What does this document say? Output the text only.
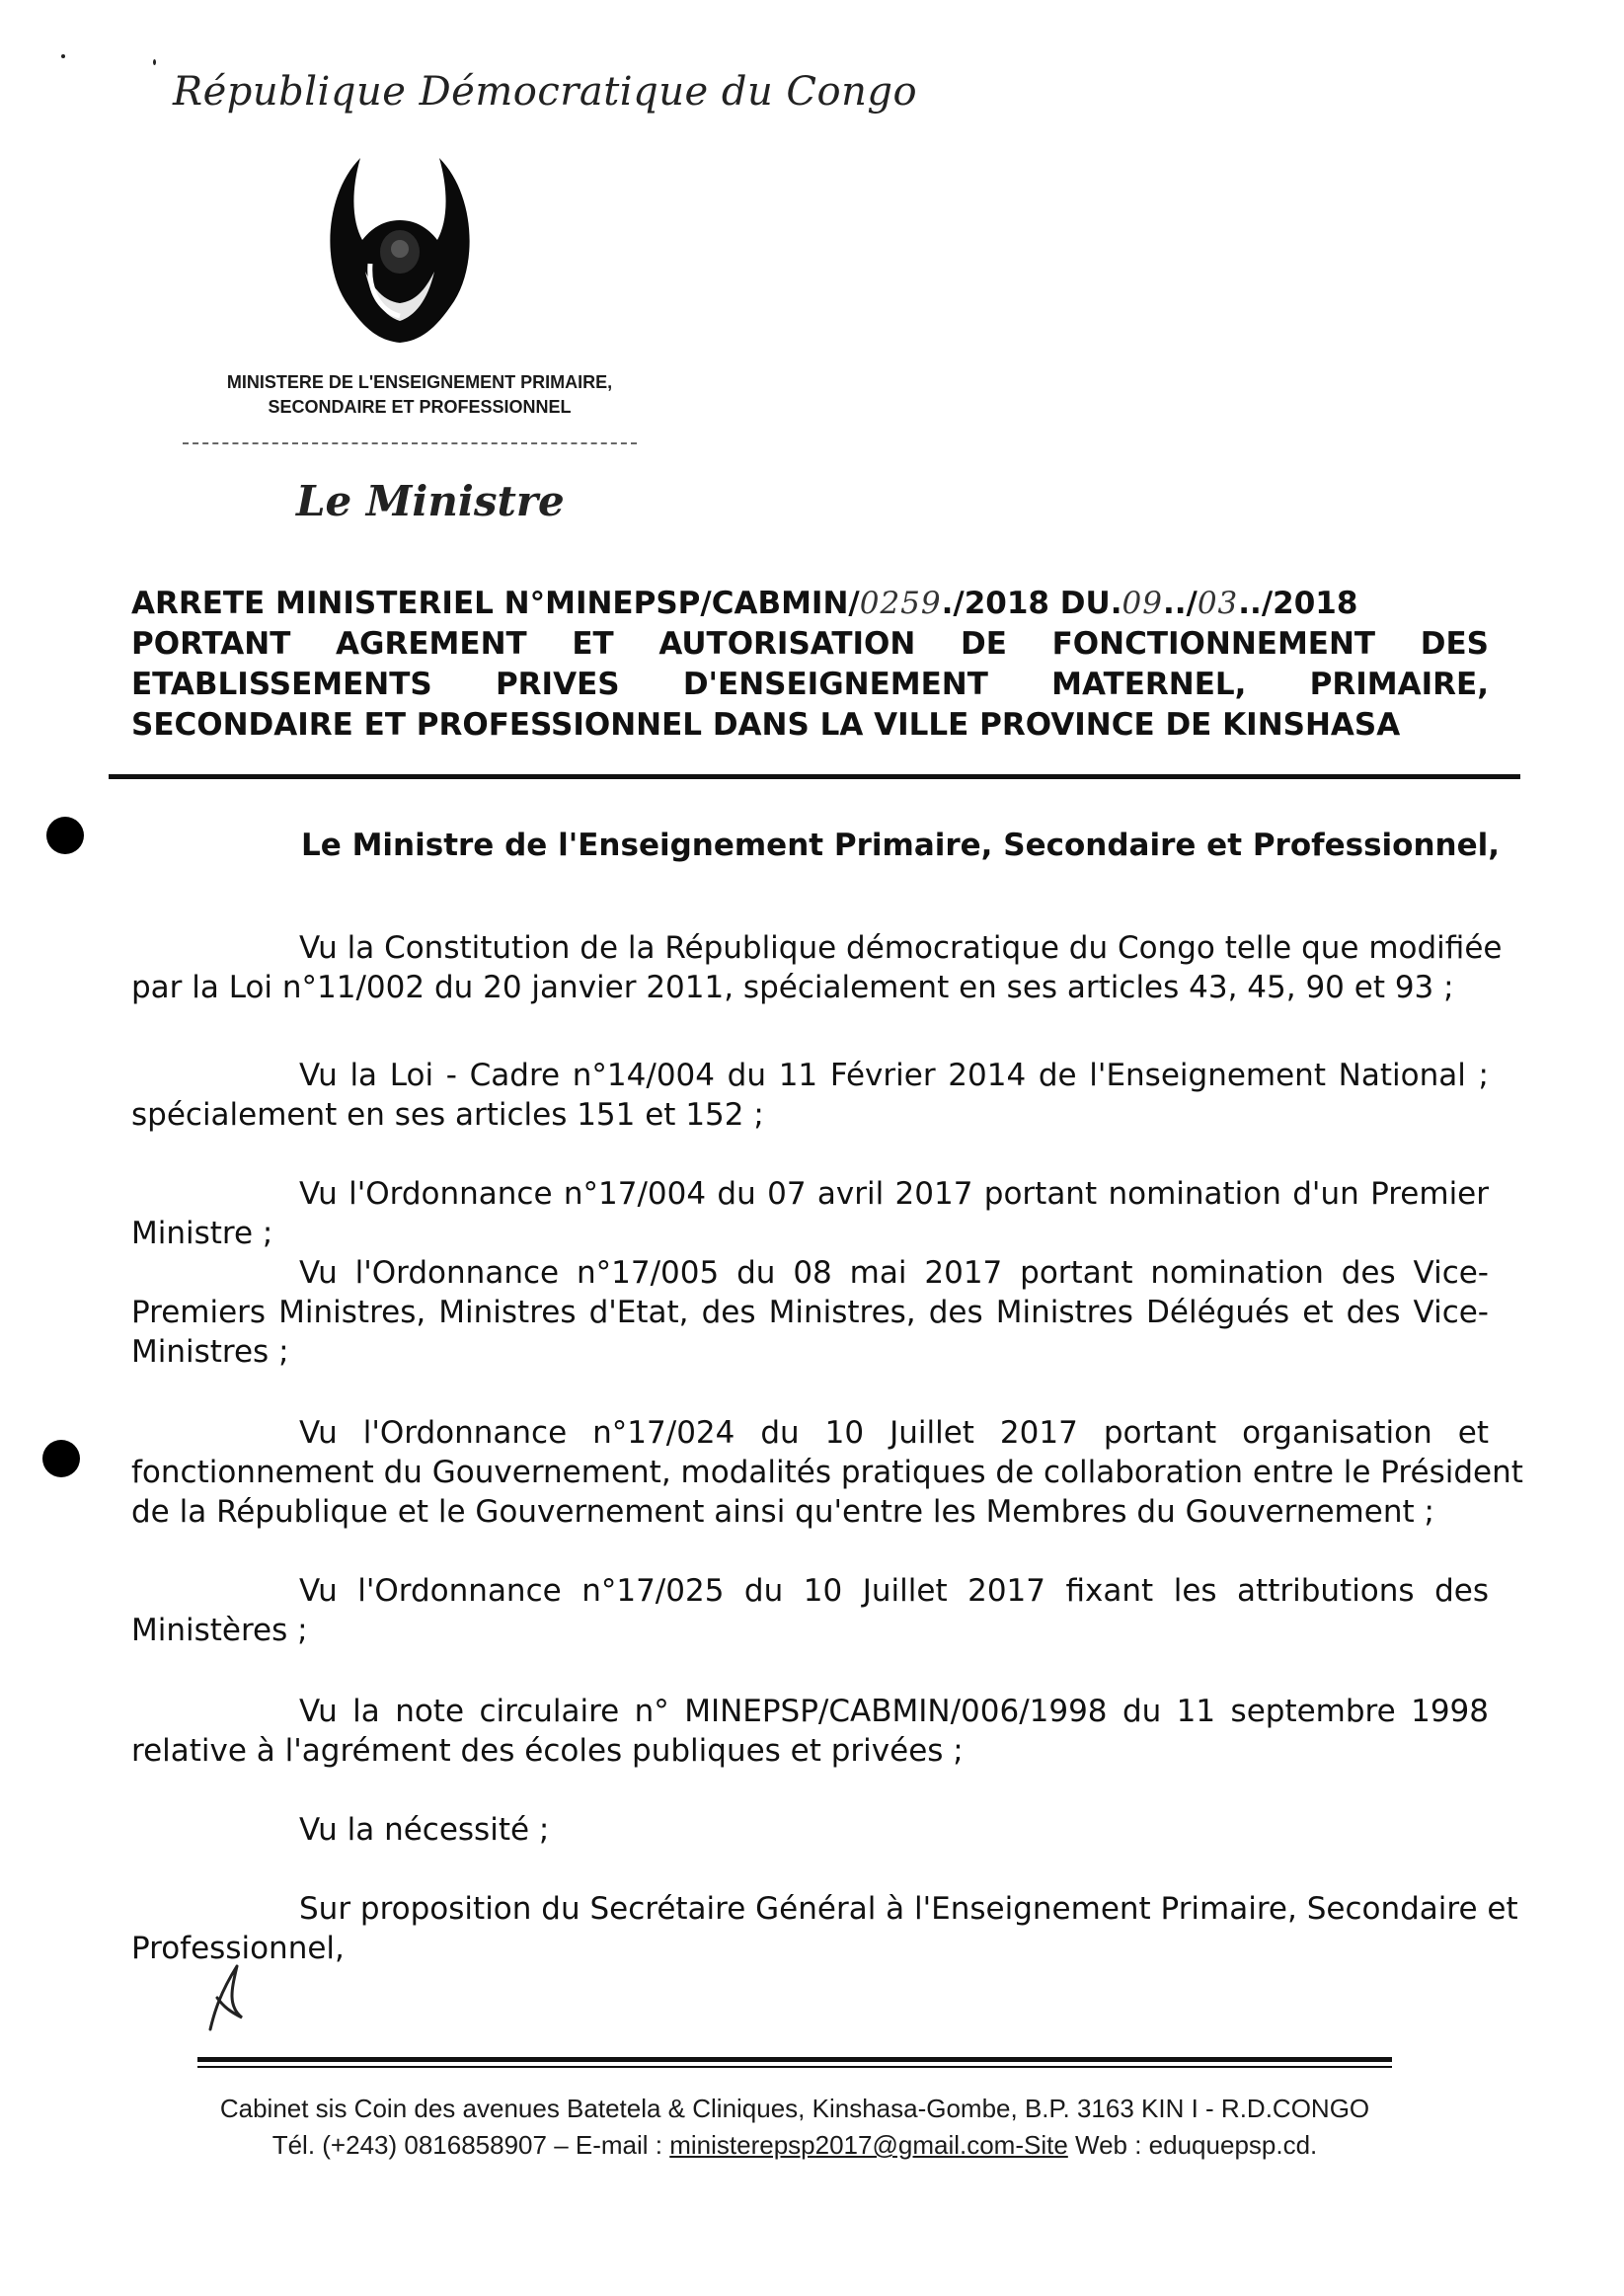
République Démocratique du Congo
MINISTERE DE L'ENSEIGNEMENT PRIMAIRE,
SECONDAIRE ET PROFESSIONNEL
Le Ministre
ARRETE MINISTERIEL N°MINEPSP/CABMIN/0259./2018 DU.09../03../2018
PORTANT AGREMENT ET AUTORISATION DE FONCTIONNEMENT DES
ETABLISSEMENTS PRIVES D'ENSEIGNEMENT MATERNEL, PRIMAIRE,
SECONDAIRE ET PROFESSIONNEL DANS LA VILLE PROVINCE DE KINSHASA
Le Ministre de l'Enseignement Primaire, Secondaire et Professionnel,
Vu la Constitution de la République démocratique du Congo telle que modifiée
par la Loi n°11/002 du 20 janvier 2011, spécialement en ses articles 43, 45, 90 et 93 ;
Vu la Loi - Cadre n°14/004 du 11 Février 2014 de l'Enseignement National ;
spécialement en ses articles 151 et 152 ;
Vu l'Ordonnance n°17/004 du 07 avril 2017 portant nomination d'un Premier
Ministre ;
Vu l'Ordonnance n°17/005 du 08 mai 2017 portant nomination des Vice-
Premiers Ministres, Ministres d'Etat, des Ministres, des Ministres Délégués et des Vice-
Ministres ;
Vu l'Ordonnance n°17/024 du 10 Juillet 2017 portant organisation et
fonctionnement du Gouvernement, modalités pratiques de collaboration entre le Président
de la République et le Gouvernement ainsi qu'entre les Membres du Gouvernement ;
Vu l'Ordonnance n°17/025 du 10 Juillet 2017 fixant les attributions des
Ministères ;
Vu la note circulaire n° MINEPSP/CABMIN/006/1998 du 11 septembre 1998
relative à l'agrément des écoles publiques et privées ;
Vu la nécessité ;
Sur proposition du Secrétaire Général à l'Enseignement Primaire, Secondaire et
Professionnel,
Cabinet sis Coin des avenues Batetela & Cliniques, Kinshasa-Gombe, B.P. 3163 KIN I - R.D.CONGO
Tél. (+243) 0816858907 – E-mail : ministerepsp2017@gmail.com-Site Web : eduquepsp.cd.
